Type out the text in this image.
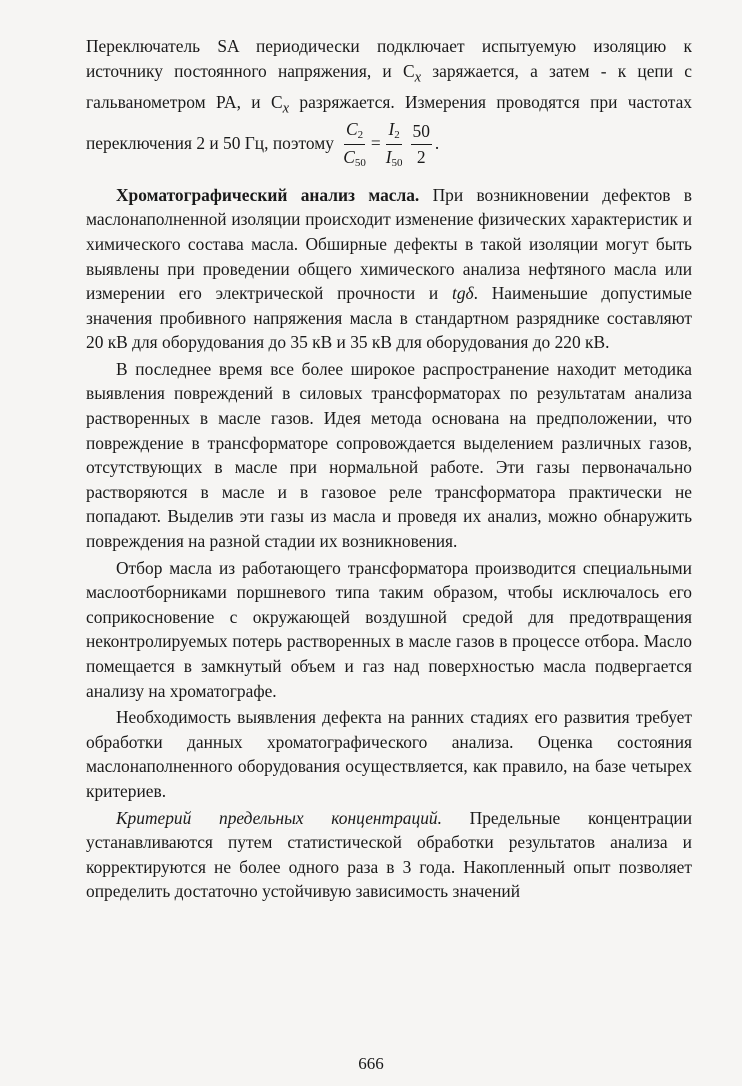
Переключатель SA периодически подключает испытуемую изоляцию к источнику постоянного напряжения, и $C_x$ заряжается, а затем - к цепи с гальванометром PA, и $C_x$ разряжается. Измерения проводятся при частотах переключения 2 и 50 Гц, поэтому $\frac{C_2}{C_{50}} = \frac{I_2}{I_{50}} \frac{50}{2}$ .

Хроматографический анализ масла. При возникновении дефектов в маслонаполненной изоляции происходит изменение физических характеристик и химического состава масла. Обширные дефекты в такой изоляции могут быть выявлены при проведении общего химического анализа нефтяного масла или измерении его электрической прочности и tgδ. Наименьшие допустимые значения пробивного напряжения масла в стандартном разряднике составляют 20 кВ для оборудования до 35 кВ и 35 кВ для оборудования до 220 кВ.

В последнее время все более широкое распространение находит методика выявления повреждений в силовых трансформаторах по результатам анализа растворенных в масле газов. Идея метода основана на предположении, что повреждение в трансформаторе сопровождается выделением различных газов, отсутствующих в масле при нормальной работе. Эти газы первоначально растворяются в масле и в газовое реле трансформатора практически не попадают. Выделив эти газы из масла и проведя их анализ, можно обнаружить повреждения на разной стадии их возникновения.

Отбор масла из работающего трансформатора производится специальными маслоотборниками поршневого типа таким образом, чтобы исключалось его соприкосновение с окружающей воздушной средой для предотвращения неконтролируемых потерь растворенных в масле газов в процессе отбора. Масло помещается в замкнутый объем и газ над поверхностью масла подвергается анализу на хроматографе.

Необходимость выявления дефекта на ранних стадиях его развития требует обработки данных хроматографического анализа. Оценка состояния маслонаполненного оборудования осуществляется, как правило, на базе четырех критериев.

Критерий предельных концентраций. Предельные концентрации устанавливаются путем статистической обработки результатов анализа и корректируются не более одного раза в 3 года. Накопленный опыт позволяет определить достаточно устойчивую зависимость значений

666
